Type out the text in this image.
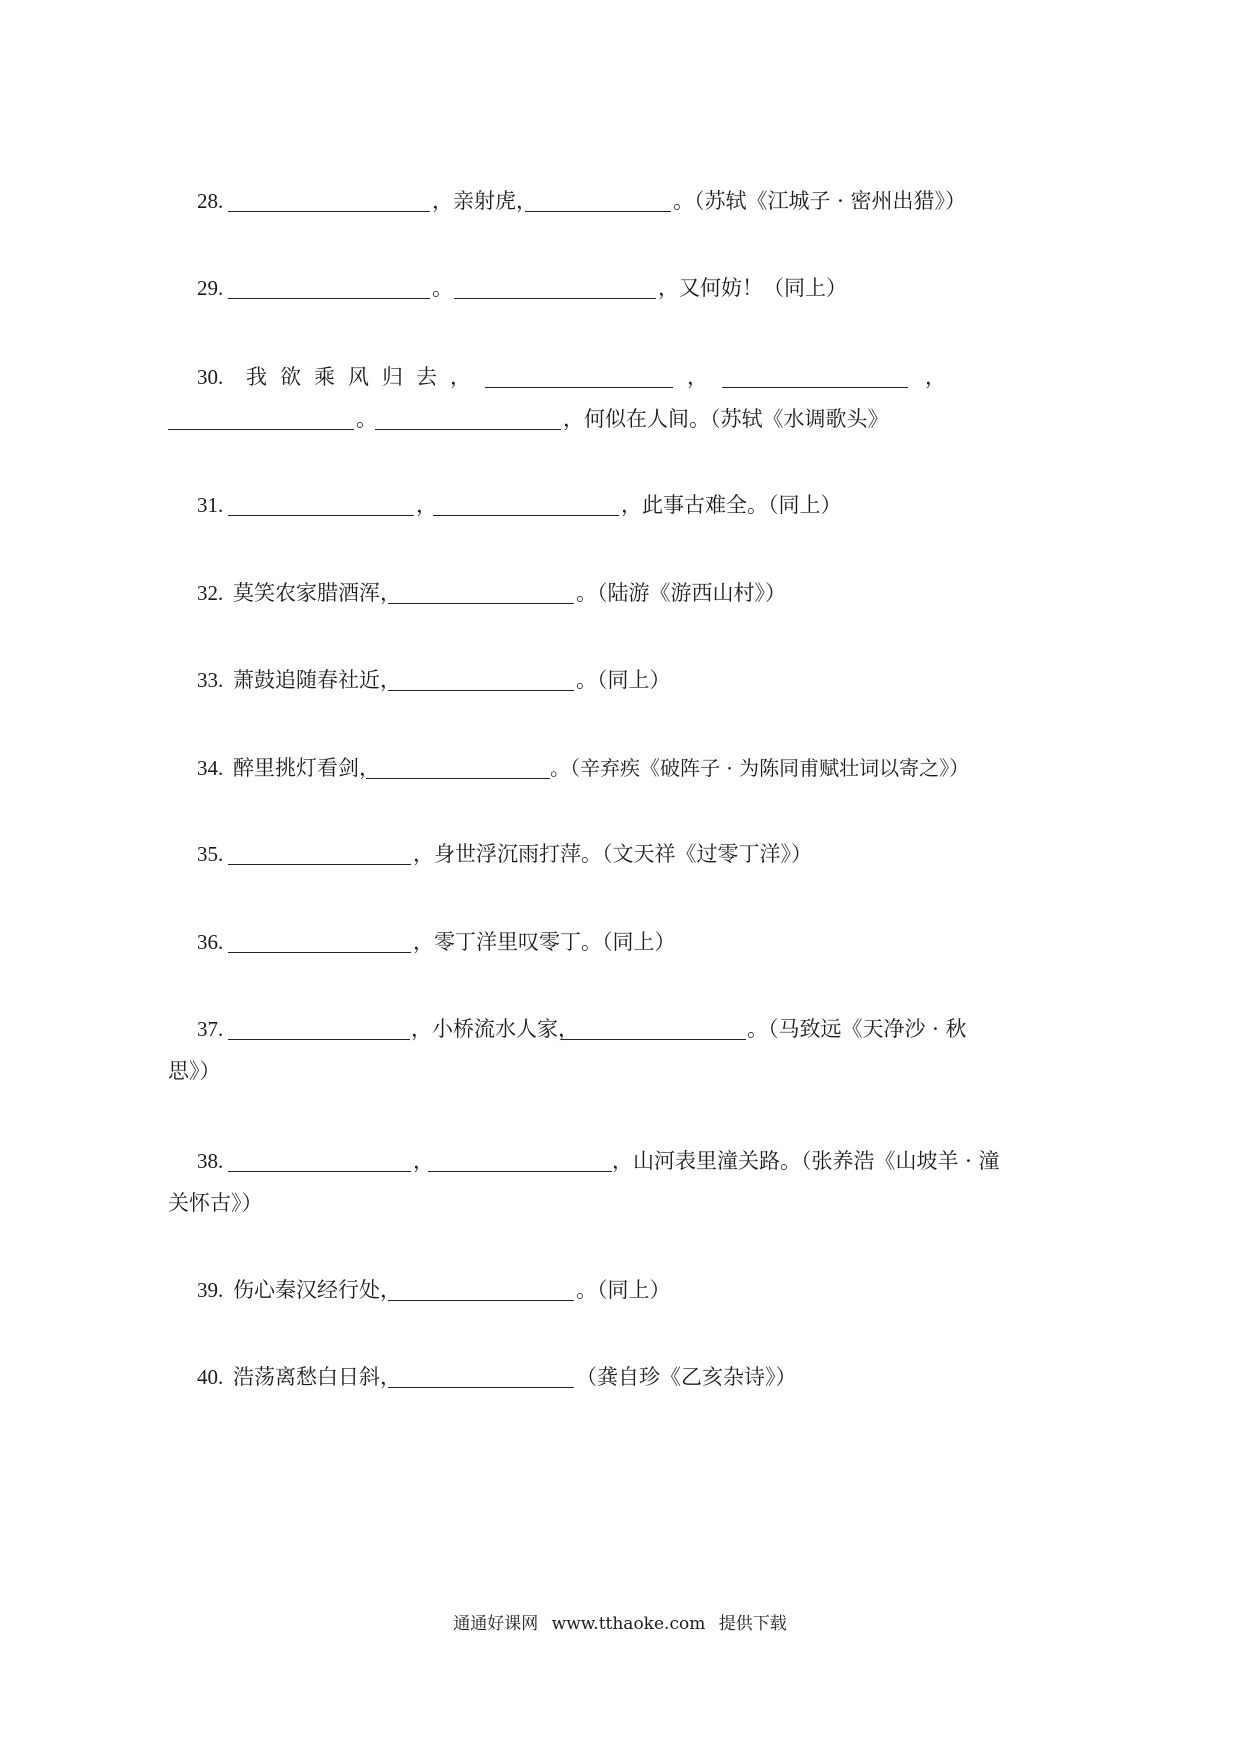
28.	，亲射虎，	。（苏轼《江城子 · 密州出猎》）
29.	。	，又何妨！（同上）
30. 我欲乘风归去，	，	，
。	，何似在人间。（苏轼《水调歌头》
31.	，	，此事古难全。（同上）
32. 莫笑农家腊酒浑，	。（陆游《游西山村》）
33. 萧鼓追随春社近，	。（同上）
34. 醉里挑灯看剑，	。（辛弃疾《破阵子 · 为陈同甫赋壮词以寄之》）
35.	，身世浮沉雨打萍。（文天祥《过零丁洋》）
36.	，零丁洋里叹零丁。（同上）
37.	，小桥流水人家，	。（马致远《天净沙 · 秋
思》）
38.	，	，山河表里潼关路。（张养浩《山坡羊 · 潼
关怀古》）
39. 伤心秦汉经行处，	。（同上）
40. 浩荡离愁白日斜，	（龚自珍《乙亥杂诗》）
通通好课网 www.tthaoke.com 提供下载
